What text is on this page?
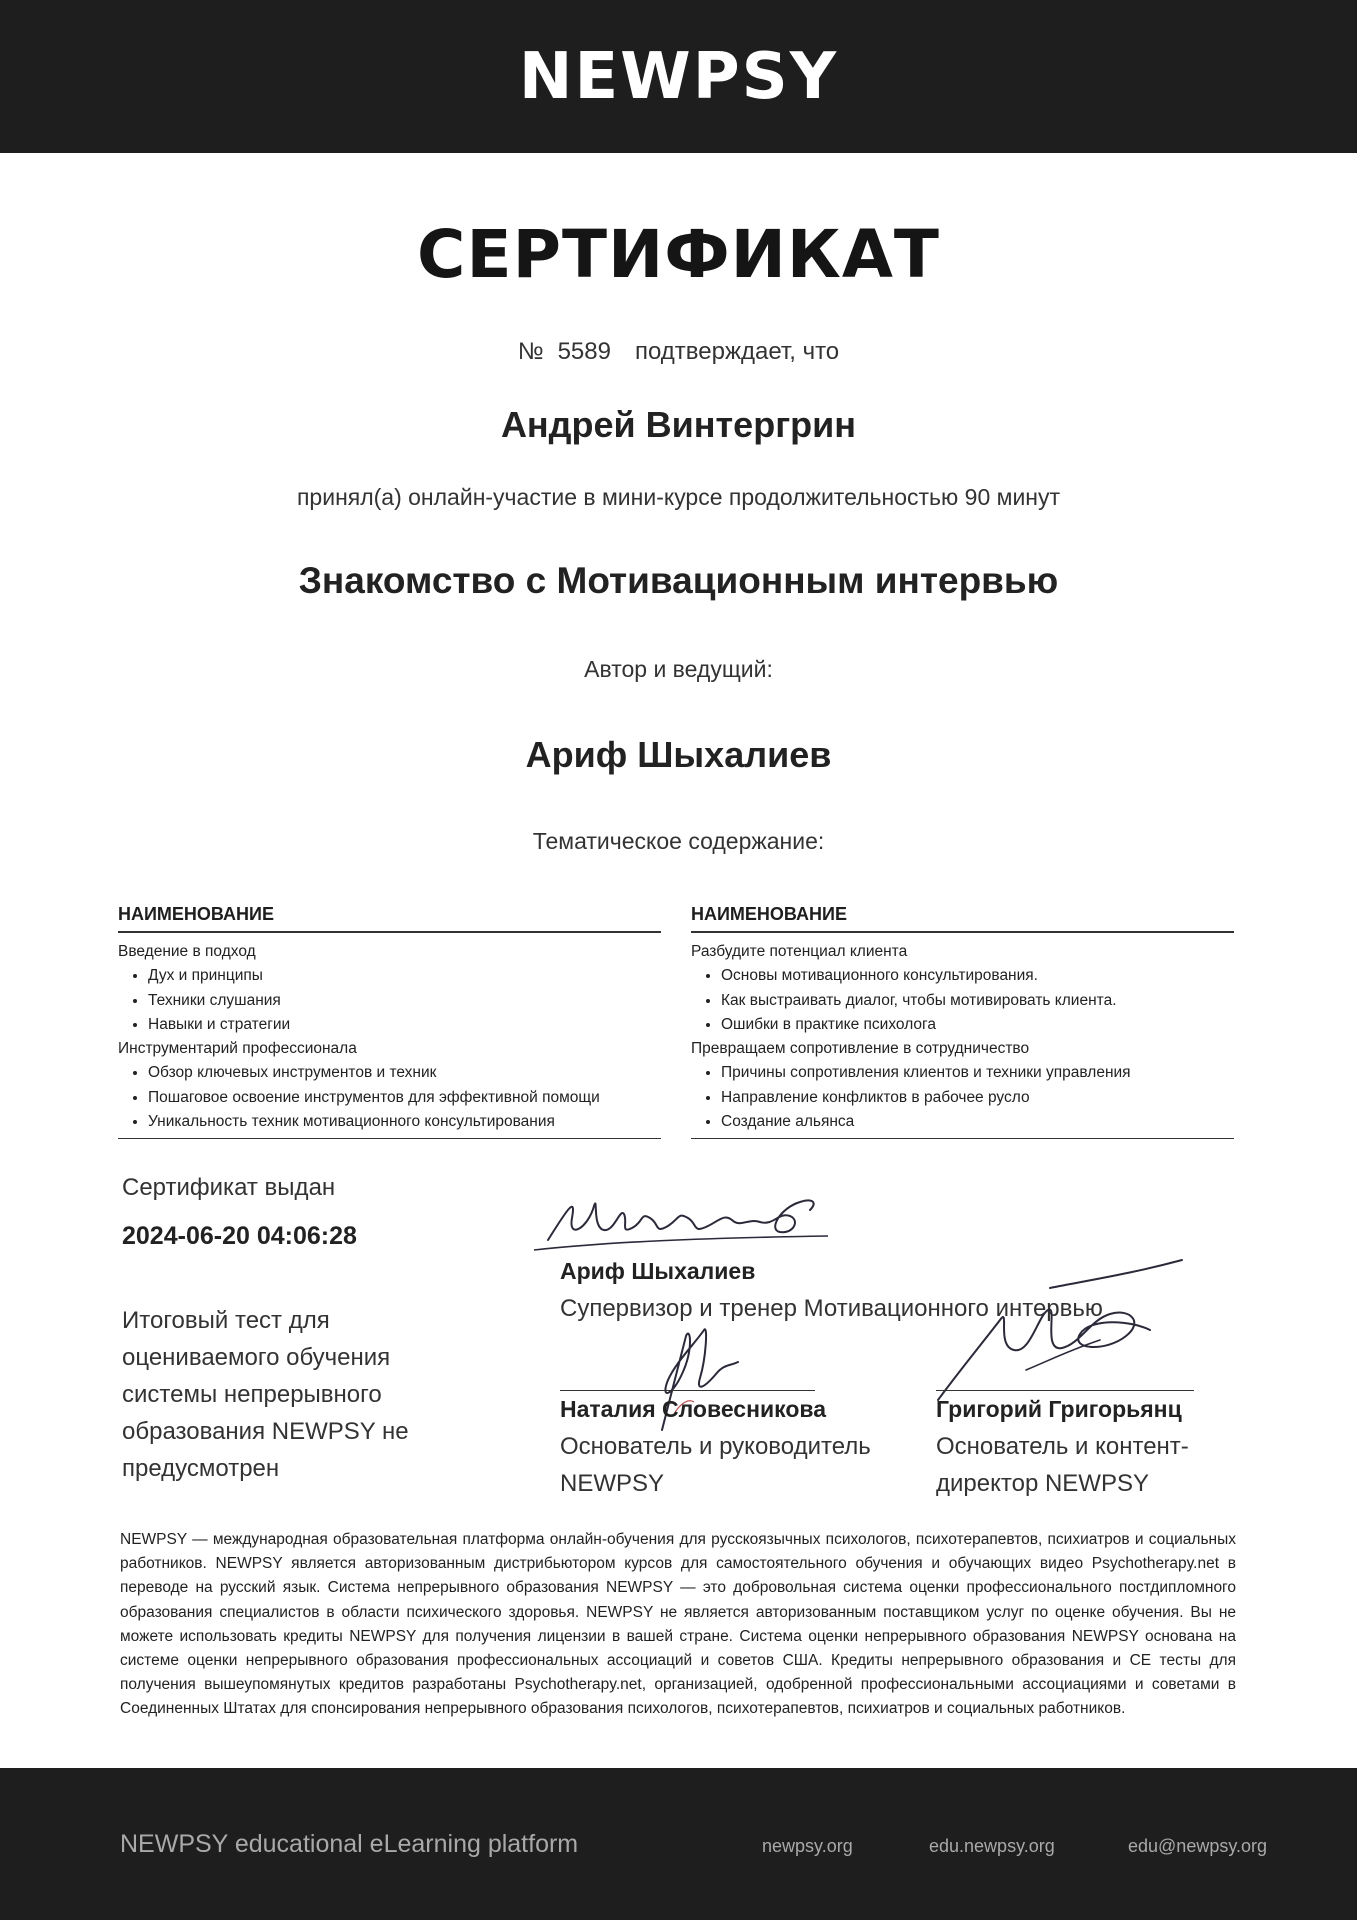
NEWPSY
СЕРТИФИКАТ
№ 5589 подтверждает, что
Андрей Винтергрин
принял(а) онлайн-участие в мини-курсе продолжительностью 90 минут
Знакомство с Мотивационным интервью
Автор и ведущий:
Ариф Шыхалиев
Тематическое содержание:
НАИМЕНОВАНИЕ
Введение в подход
• Дух и принципы
• Техники слушания
• Навыки и стратегии
Инструментарий профессионала
• Обзор ключевых инструментов и техник
• Пошаговое освоение инструментов для эффективной помощи
• Уникальность техник мотивационного консультирования
НАИМЕНОВАНИЕ
Разбудите потенциал клиента
• Основы мотивационного консультирования.
• Как выстраивать диалог, чтобы мотивировать клиента.
• Ошибки в практике психолога
Превращаем сопротивление в сотрудничество
• Причины сопротивления клиентов и техники управления
• Направление конфликтов в рабочее русло
• Создание альянса
Сертификат выдан
2024-06-20 04:06:28
Итоговый тест для оцениваемого обучения системы непрерывного образования NEWPSY не предусмотрен
Ариф Шыхалиев
Супервизор и тренер Мотивационного интервью
Наталия Словесникова
Основатель и руководитель NEWPSY
Григорий Григорьянц
Основатель и контент-директор NEWPSY
NEWPSY — международная образовательная платформа онлайн-обучения для русскоязычных психологов, психотерапевтов, психиатров и социальных работников. NEWPSY является авторизованным дистрибьютором курсов для самостоятельного обучения и обучающих видео Psychotherapy.net в переводе на русский язык. Система непрерывного образования NEWPSY — это добровольная система оценки профессионального постдипломного образования специалистов в области психического здоровья. NEWPSY не является авторизованным поставщиком услуг по оценке обучения. Вы не можете использовать кредиты NEWPSY для получения лицензии в вашей стране. Система оценки непрерывного образования NEWPSY основана на системе оценки непрерывного образования профессиональных ассоциаций и советов США. Кредиты непрерывного образования и CE тесты для получения вышеупомянутых кредитов разработаны Psychotherapy.net, организацией, одобренной профессиональными ассоциациями и советами в Соединенных Штатах для спонсирования непрерывного образования психологов, психотерапевтов, психиатров и социальных работников.
NEWPSY educational eLearning platform	newpsy.org	edu.newpsy.org	edu@newpsy.org
